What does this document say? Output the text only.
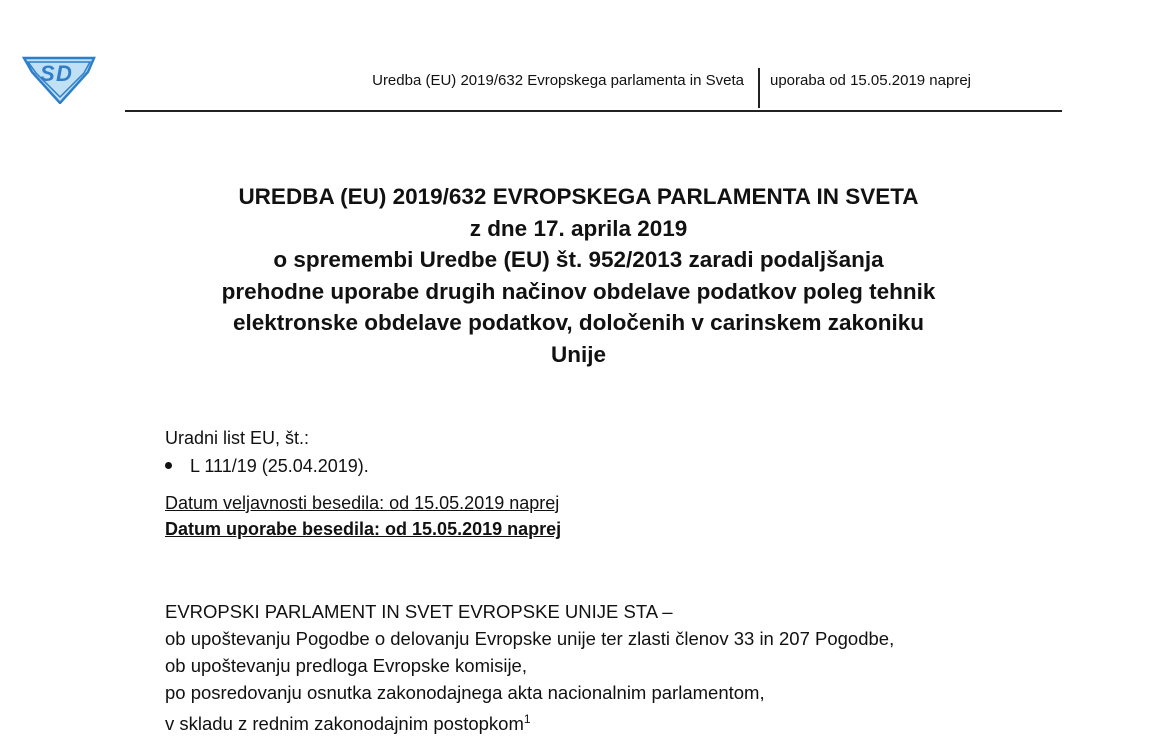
S D	Uredba (EU) 2019/632 Evropskega parlamenta in Sveta uporaba od 15.05.2019 naprej
UREDBA (EU) 2019/632 EVROPSKEGA PARLAMENTA IN SVETA
z dne 17. aprila 2019
o spremembi Uredbe (EU) št. 952/2013 zaradi podaljšanja
prehodne uporabe drugih načinov obdelave podatkov poleg tehnik
elektronske obdelave podatkov, določenih v carinskem zakoniku
Unije
Uradni list EU, št.:
L 111/19 (25.04.2019).
Datum veljavnosti besedila: od 15.05.2019 naprej
Datum uporabe besedila: od 15.05.2019 naprej

EVROPSKI PARLAMENT IN SVET EVROPSKE UNIJE STA –

ob upoštevanju Pogodbe o delovanju Evropske unije ter zlasti členov 33 in 207 Pogodbe,

ob upoštevanju predloga Evropske komisije,

po posredovanju osnutka zakonodajnega akta nacionalnim parlamentom,

v skladu z rednim zakonodajnim postopkom$^1$
